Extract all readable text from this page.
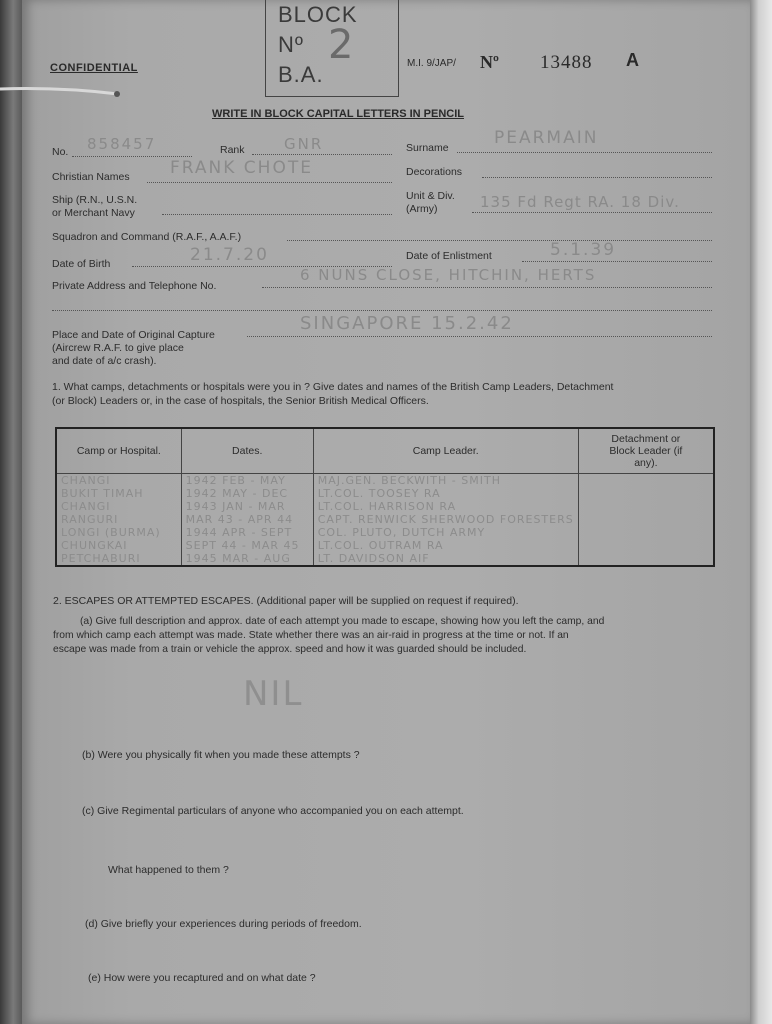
CONFIDENTIAL
BLOCK
Nº
B.A.
2	M.I. 9/JAP/ Nº 13488 A
WRITE IN BLOCK CAPITAL LETTERS IN PENCIL
No. 858457	Rank	GNR	Surname	PEARMAIN
Christian Names FRANK CHOTE	Decorations
Ship (R.N., U.S.N.
or Merchant Navy
Unit & Div.
(Army)	135 Fd Regt RA. 18 Div.
Squadron and Command (R.A.F., A.A.F.)
Date of Birth	21.7.20	Date of Enlistment	5.1.39
Private Address and Telephone No.
6 NUNS CLOSE, HITCHIN, HERTS
Place and Date of Original Capture
(Aircrew R.A.F. to give place
and date of a/c crash).
SINGAPORE 15.2.42
1. What camps, detachments or hospitals were you in ? Give dates and names of the British Camp Leaders, Detachment
(or Block) Leaders or, in the case of hospitals, the Senior British Medical Officers.
Camp or Hospital.	Dates.	Camp Leader.	Detachment or Block Leader (if any).
CHANGI	1942 FEB - MAY	MAJ.GEN. BECKWITH - SMITH	
BUKIT TIMAH	1942 MAY - DEC	LT.COL. TOOSEY RA	
CHANGI	1943 JAN - MAR	LT.COL. HARRISON RA	
RANGURI	MAR 43 - APR 44	CAPT. RENWICK SHERWOOD FORESTERS	
LONGI (BURMA)	1944 APR - SEPT	COL. PLUTO, DUTCH ARMY	
CHUNGKAI	SEPT 44 - MAR 45	LT.COL. OUTRAM RA	
PETCHABURI	1945 MAR - AUG	LT. DAVIDSON AIF	
2. ESCAPES OR ATTEMPTED ESCAPES. (Additional paper will be supplied on request if required).
(a) Give full description and approx. date of each attempt you made to escape, showing how you left the camp, and
from which camp each attempt was made. State whether there was an air-raid in progress at the time or not. If an
escape was made from a train or vehicle the approx. speed and how it was guarded should be included.
NIL
(b) Were you physically fit when you made these attempts ?
(c) Give Regimental particulars of anyone who accompanied you on each attempt.
What happened to them ?
(d) Give briefly your experiences during periods of freedom.
(e) How were you recaptured and on what date ?
